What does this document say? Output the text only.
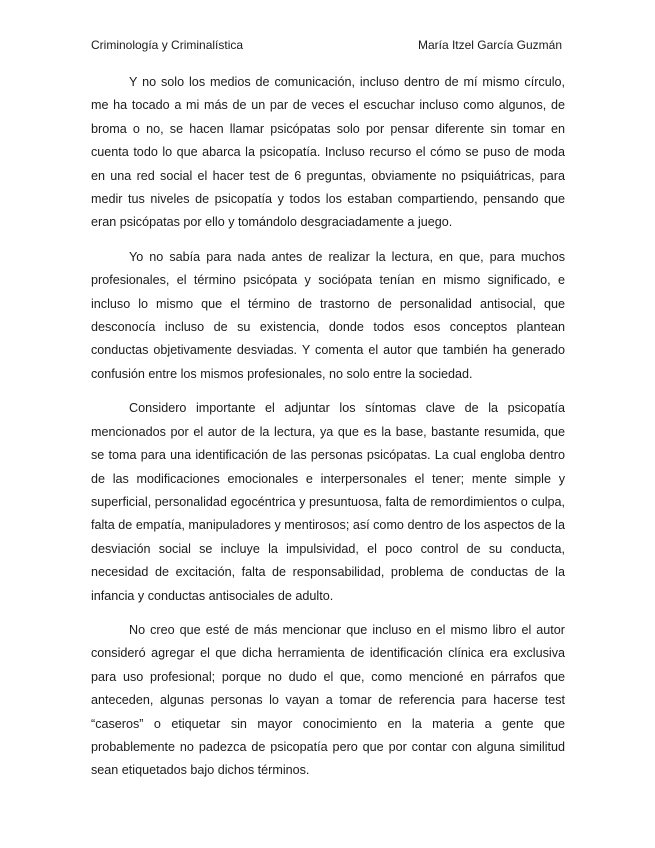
Criminología y Criminalística	María Itzel García Guzmán

Y no solo los medios de comunicación, incluso dentro de mí mismo círculo, me ha tocado a mi más de un par de veces el escuchar incluso como algunos, de broma o no, se hacen llamar psicópatas solo por pensar diferente sin tomar en cuenta todo lo que abarca la psicopatía. Incluso recurso el cómo se puso de moda en una red social el hacer test de 6 preguntas, obviamente no psiquiátricas, para medir tus niveles de psicopatía y todos los estaban compartiendo, pensando que eran psicópatas por ello y tomándolo desgraciadamente a juego.

Yo no sabía para nada antes de realizar la lectura, en que, para muchos profesionales, el término psicópata y sociópata tenían en mismo significado, e incluso lo mismo que el término de trastorno de personalidad antisocial, que desconocía incluso de su existencia, donde todos esos conceptos plantean conductas objetivamente desviadas. Y comenta el autor que también ha generado confusión entre los mismos profesionales, no solo entre la sociedad.

Considero importante el adjuntar los síntomas clave de la psicopatía mencionados por el autor de la lectura, ya que es la base, bastante resumida, que se toma para una identificación de las personas psicópatas. La cual engloba dentro de las modificaciones emocionales e interpersonales el tener; mente simple y superficial, personalidad egocéntrica y presuntuosa, falta de remordimientos o culpa, falta de empatía, manipuladores y mentirosos; así como dentro de los aspectos de la desviación social se incluye la impulsividad, el poco control de su conducta, necesidad de excitación, falta de responsabilidad, problema de conductas de la infancia y conductas antisociales de adulto.

No creo que esté de más mencionar que incluso en el mismo libro el autor consideró agregar el que dicha herramienta de identificación clínica era exclusiva para uso profesional; porque no dudo el que, como mencioné en párrafos que anteceden, algunas personas lo vayan a tomar de referencia para hacerse test “caseros” o etiquetar sin mayor conocimiento en la materia a gente que probablemente no padezca de psicopatía pero que por contar con alguna similitud sean etiquetados bajo dichos términos.
